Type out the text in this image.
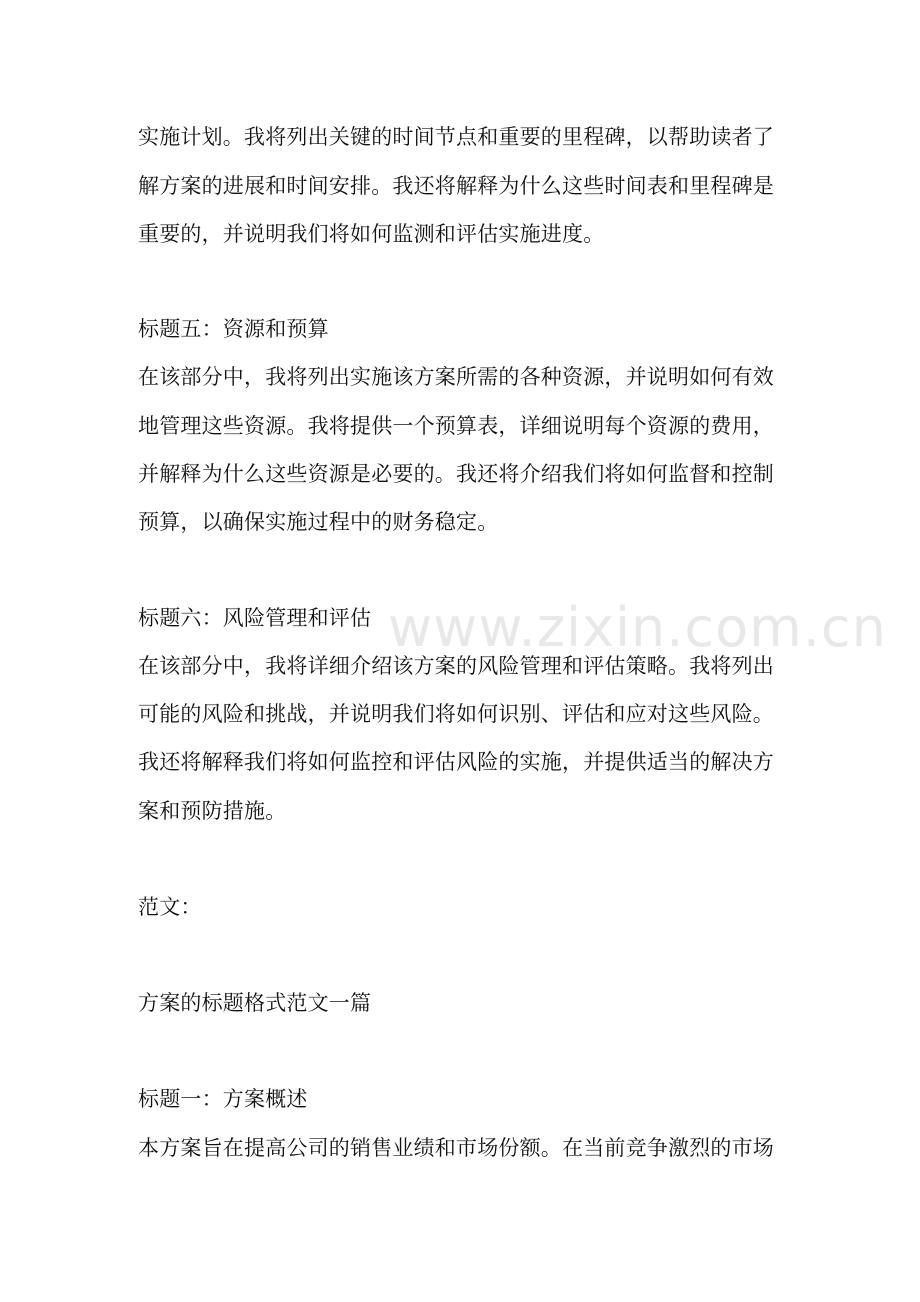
实施计划。我将列出关键的时间节点和重要的里程碑，以帮助读者了
解方案的进展和时间安排。我还将解释为什么这些时间表和里程碑是
重要的，并说明我们将如何监测和评估实施进度。
标题五：资源和预算
在该部分中，我将列出实施该方案所需的各种资源，并说明如何有效
地管理这些资源。我将提供一个预算表，详细说明每个资源的费用，
并解释为什么这些资源是必要的。我还将介绍我们将如何监督和控制
预算，以确保实施过程中的财务稳定。
标题六：风险管理和评估
在该部分中，我将详细介绍该方案的风险管理和评估策略。我将列出
可能的风险和挑战，并说明我们将如何识别、评估和应对这些风险。
我还将解释我们将如何监控和评估风险的实施，并提供适当的解决方
案和预防措施。
范文：
方案的标题格式范文一篇
标题一：方案概述
本方案旨在提高公司的销售业绩和市场份额。在当前竞争激烈的市场
www.zixin.com.cn
